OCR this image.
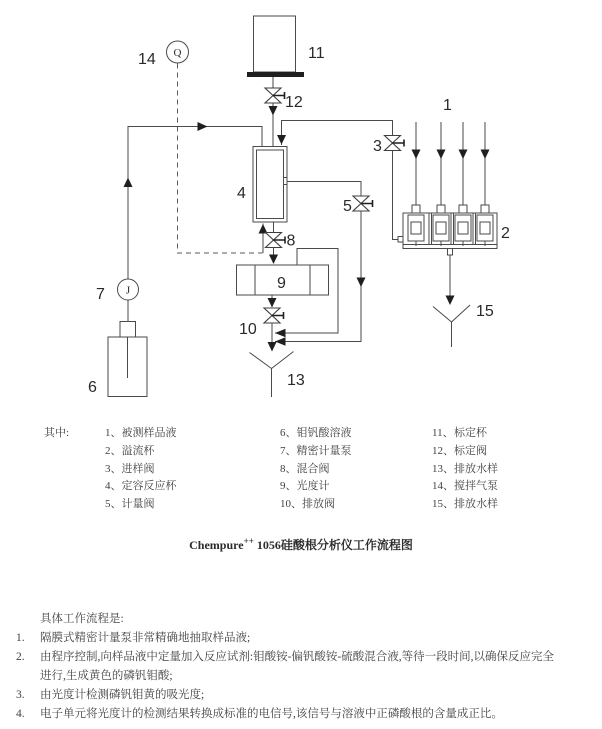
J
Q
14	11
12	1
3
4
5
2
8
7
9
10
15
6	13
其中:	1、被测样品液
2、溢流杯
3、进样阀
4、定容反应杯
5、计量阀
6、钼钒酸溶液
7、精密计量泵
8、混合阀
9、光度计
10、排放阀
11、标定杯
12、标定阀
13、排放水样
14、搅拌气泵
15、排放水样
Chempure++ 1056硅酸根分析仪工作流程图
具体工作流程是:
1. 隔膜式精密计量泵非常精确地抽取样品液;
2. 由程序控制,向样品液中定量加入反应试剂:钼酸铵-偏钒酸铵-硫酸混合液,等待一段时间,以确保反应完全进行,生成黄色的磷钒钼酸;
3. 由光度计检测磷钒钼黄的吸光度;
4. 电子单元将光度计的检测结果转换成标准的电信号,该信号与溶液中正磷酸根的含量成正比。
